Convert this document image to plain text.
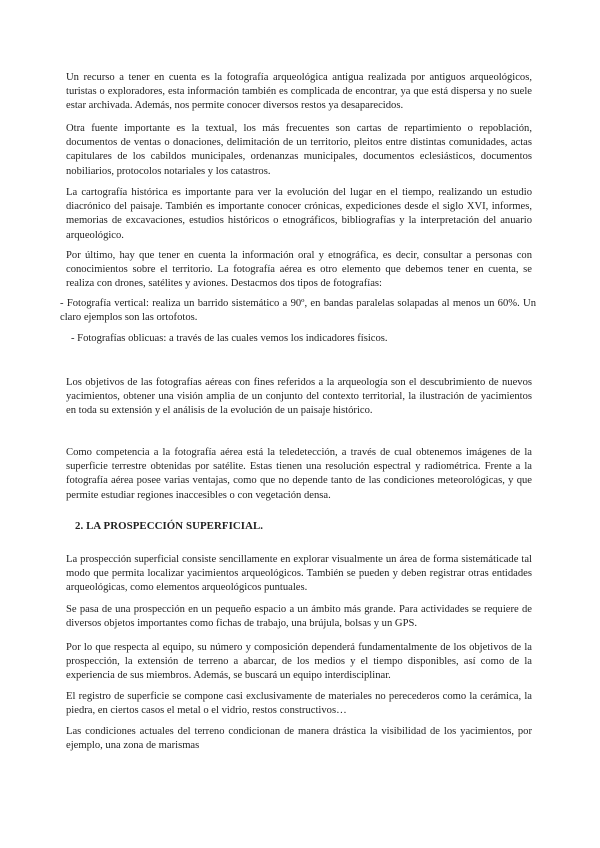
Un recurso a tener en cuenta es la fotografía arqueológica antigua realizada por antiguos arqueológicos, turistas o exploradores, esta información también es complicada de encontrar, ya que está dispersa y no suele estar archivada. Además, nos permite conocer diversos restos ya desaparecidos.

Otra fuente importante es la textual, los más frecuentes son cartas de repartimiento o repoblación, documentos de ventas o donaciones, delimitación de un territorio, pleitos entre distintas comunidades, actas capitulares de los cabildos municipales, ordenanzas municipales, documentos eclesiásticos, documentos nobiliarios, protocolos notariales y los catastros.

La cartografía histórica es importante para ver la evolución del lugar en el tiempo, realizando un estudio diacrónico del paisaje. También es importante conocer crónicas, expediciones desde el siglo XVI, informes, memorias de excavaciones, estudios históricos o etnográficos, bibliografías y la interpretación del anuario arqueológico.

Por último, hay que tener en cuenta la información oral y etnográfica, es decir, consultar a personas con conocimientos sobre el territorio. La fotografía aérea es otro elemento que debemos tener en cuenta, se realiza con drones, satélites y aviones. Destacmos dos tipos de fotografías:

- Fotografía vertical: realiza un barrido sistemático a 90º, en bandas paralelas solapadas al menos un 60%. Un claro ejemplos son las ortofotos.

- Fotografías oblicuas: a través de las cuales vemos los indicadores físicos.

Los objetivos de las fotografías aéreas con fines referidos a la arqueología son el descubrimiento de nuevos yacimientos, obtener una visión amplia de un conjunto del contexto territorial, la ilustración de yacimientos en toda su extensión y el análisis de la evolución de un paisaje histórico.

Como competencia a la fotografía aérea está la teledetección, a través de cual obtenemos imágenes de la superficie terrestre obtenidas por satélite. Estas tienen una resolución espectral y radiométrica. Frente a la fotografía aérea posee varias ventajas, como que no depende tanto de las condiciones meteorológicas, y que permite estudiar regiones inaccesibles o con vegetación densa.

2. LA PROSPECCIÓN SUPERFICIAL.

La prospección superficial consiste sencillamente en explorar visualmente un área de forma sistemáticade tal modo que permita localizar yacimientos arqueológicos. También se pueden y deben registrar otras entidades arqueológicas, como elementos arqueológicos puntuales.

Se pasa de una prospección en un pequeño espacio a un ámbito más grande. Para actividades se requiere de diversos objetos importantes como fichas de trabajo, una brújula, bolsas y un GPS.

Por lo que respecta al equipo, su número y composición dependerá fundamentalmente de los objetivos de la prospección, la extensión de terreno a abarcar, de los medios y el tiempo disponibles, así como de la experiencia de sus miembros. Además, se buscará un equipo interdisciplinar.

El registro de superficie se compone casi exclusivamente de materiales no perecederos como la cerámica, la piedra, en ciertos casos el metal o el vidrio, restos constructivos…

Las condiciones actuales del terreno condicionan de manera drástica la visibilidad de los yacimientos, por ejemplo, una zona de marismas
